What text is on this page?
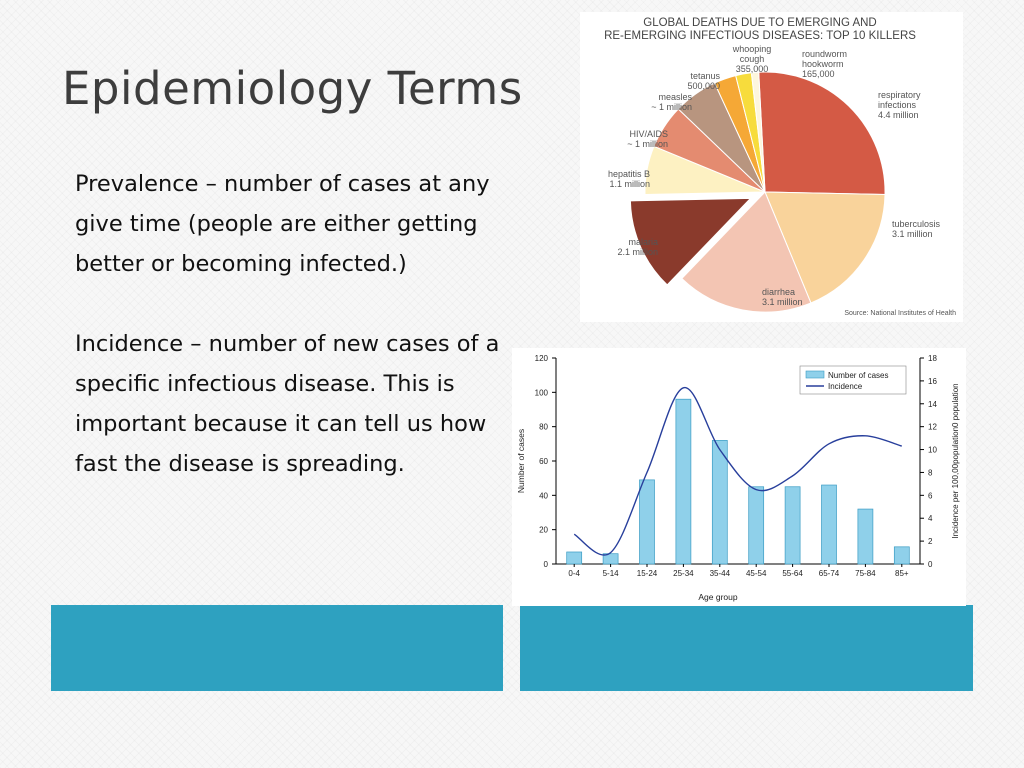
Epidemiology Terms

Prevalence – number of cases at any give time (people are either getting better or becoming infected.)

Incidence – number of new cases of a specific infectious disease. This is important because it can tell us how fast the disease is spreading.

GLOBAL DEATHS DUE TO EMERGING AND
RE-EMERGING INFECTIOUS DISEASES: TOP 10 KILLERS
respiratory
infections
4.4 million
tuberculosis
3.1 million
diarrhea
3.1 million
malaria
2.1 million
hepatitis B
1.1 million
HIV/AIDS
~ 1 million
measles
~ 1 million
tetanus
500,000
whooping
cough
355,000
roundworm
hookworm
165,000
Source: National Institutes of Health
0
20
40
60
80
100
120
0
2
4
6
8
10
12
14
16
18
0-4	5-14 15-24 25-34 35-44 45-54 55-64 65-74 75-84 85+
Number of cases
Incidence
Age group
Number of cases	Incidence per 100,00population0 population
